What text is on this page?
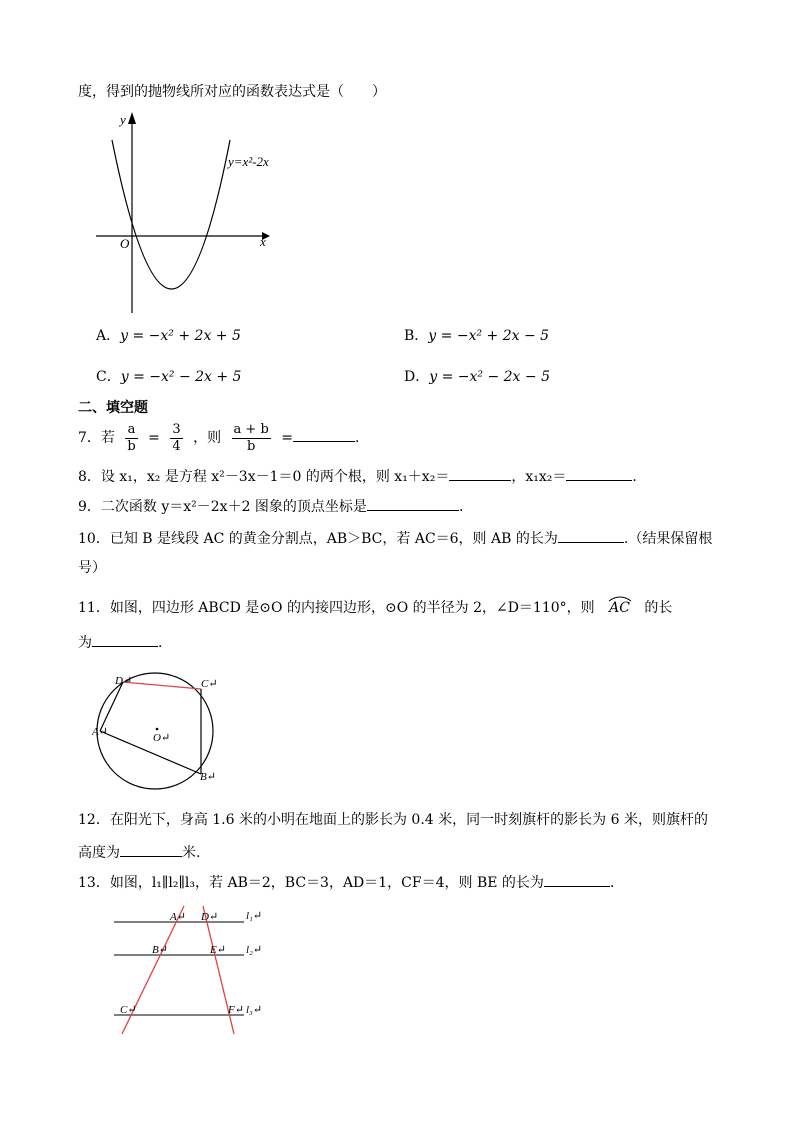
度，得到的抛物线所对应的函数表达式是（　　）
y
x
O
y=x²-2x
A．y = −x² + 2x + 5	B．y = −x² + 2x − 5
C．y = −x² − 2x + 5	D．y = −x² − 2x − 5
二、填空题
7．若 $\frac{a}{b} = \frac{3}{4}$ ，则 $\frac{a + b}{b}$ =	.
8．设 x₁，x₂ 是方程 x²－3x－1＝0 的两个根，则 x₁＋x₂＝	，x₁x₂＝	.
9．二次函数 y＝x²－2x＋2 图象的顶点坐标是	.
10．已知 B 是线段 AC 的黄金分割点，AB＞BC，若 AC＝6，则 AB 的长为	.（结果保留根
号）
11．如图，四边形 ABCD 是⊙O 的内接四边形，⊙O 的半径为 2，∠D＝110°，则 AC 的长
为	.
D↵	C↵
A↵
B↵
O↵
12．在阳光下，身高 1.6 米的小明在地面上的影长为 0.4 米，同一时刻旗杆的影长为 6 米，则旗杆的
高度为	米.
13．如图，l₁∥l₂∥l₃，若 AB＝2，BC＝3，AD＝1，CF＝4，则 BE 的长为	.
A↵ D↵
B↵	E↵
C↵	F↵
l₁↵
l₂↵
l₃↵
